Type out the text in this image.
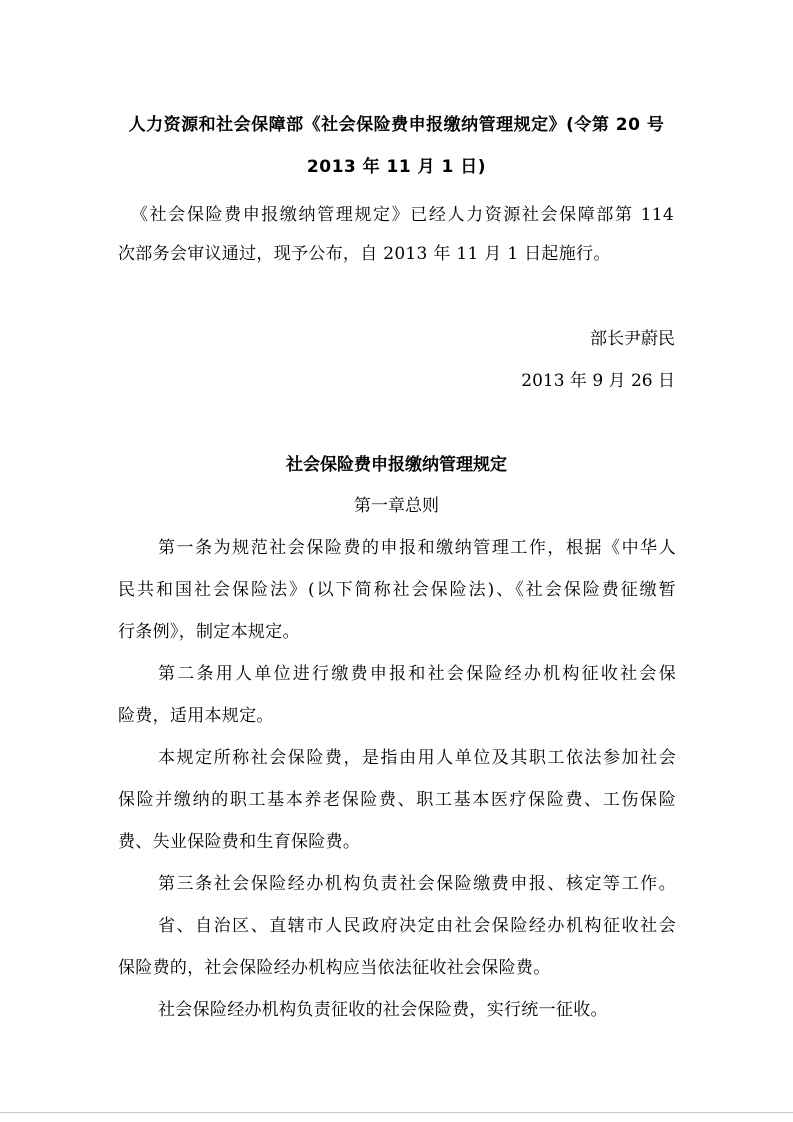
人力资源和社会保障部《社会保险费申报缴纳管理规定》(令第 20 号
2013 年 11 月 1 日)
《社会保险费申报缴纳管理规定》已经人力资源社会保障部第 114
次部务会审议通过，现予公布，自 2013 年 11 月 1 日起施行。
部长尹蔚民
2013 年 9 月 26 日
社会保险费申报缴纳管理规定
第一章总则
第一条为规范社会保险费的申报和缴纳管理工作，根据《中华人
民共和国社会保险法》(以下简称社会保险法)、《社会保险费征缴暂
行条例》，制定本规定。
第二条用人单位进行缴费申报和社会保险经办机构征收社会保
险费，适用本规定。
本规定所称社会保险费，是指由用人单位及其职工依法参加社会
保险并缴纳的职工基本养老保险费、职工基本医疗保险费、工伤保险
费、失业保险费和生育保险费。
第三条社会保险经办机构负责社会保险缴费申报、核定等工作。
省、自治区、直辖市人民政府决定由社会保险经办机构征收社会
保险费的，社会保险经办机构应当依法征收社会保险费。
社会保险经办机构负责征收的社会保险费，实行统一征收。
